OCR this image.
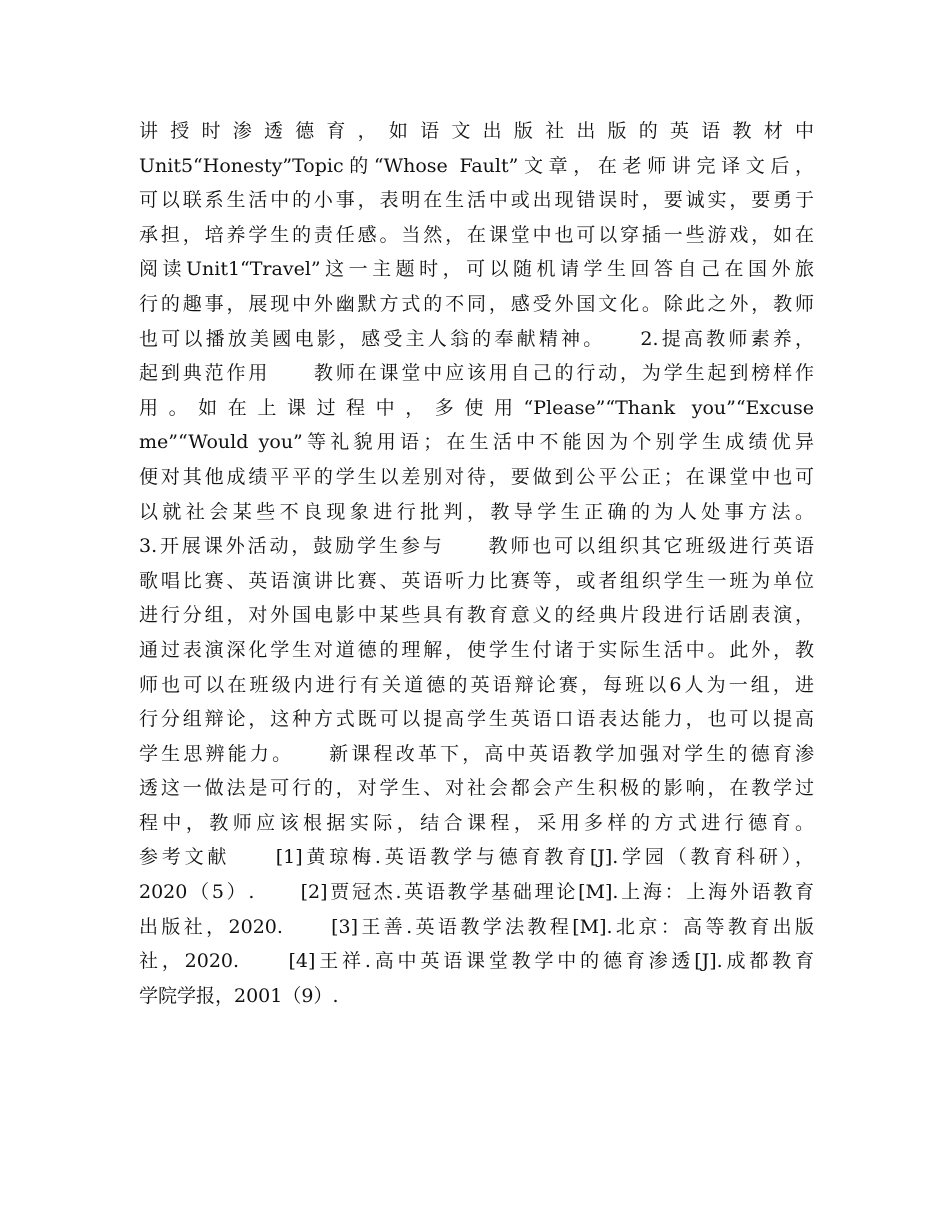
讲授时渗透德育，如语文出版社出版的英语教材中
Unit5“Honesty”Topic的“Whose Fault”文章，在老师讲完译文后，
可以联系生活中的小事，表明在生活中或出现错误时，要诚实，要勇于
承担，培养学生的责任感。当然，在课堂中也可以穿插一些游戏，如在
阅读Unit1“Travel”这一主题时，可以随机请学生回答自己在国外旅
行的趣事，展现中外幽默方式的不同，感受外国文化。除此之外，教师
也可以播放美國电影，感受主人翁的奉献精神。　　2.提高教师素养，
起到典范作用　　教师在课堂中应该用自己的行动，为学生起到榜样作
用。如在上课过程中，多使用“Please”“Thank you”“Excuse
me”“Would you”等礼貌用语；在生活中不能因为个别学生成绩优异
便对其他成绩平平的学生以差别对待，要做到公平公正；在课堂中也可
以就社会某些不良现象进行批判，教导学生正确的为人处事方法。
3.开展课外活动，鼓励学生参与　　教师也可以组织其它班级进行英语
歌唱比赛、英语演讲比赛、英语听力比赛等，或者组织学生一班为单位
进行分组，对外国电影中某些具有教育意义的经典片段进行话剧表演，
通过表演深化学生对道德的理解，使学生付诸于实际生活中。此外，教
师也可以在班级内进行有关道德的英语辩论赛，每班以6人为一组，进
行分组辩论，这种方式既可以提高学生英语口语表达能力，也可以提高
学生思辨能力。　　新课程改革下，高中英语教学加强对学生的德育渗
透这一做法是可行的，对学生、对社会都会产生积极的影响，在教学过
程中，教师应该根据实际，结合课程，采用多样的方式进行德育。
参考文献　　[1]黄琼梅.英语教学与德育教育[J].学园（教育科研），
2020（5）.　　[2]贾冠杰.英语教学基础理论[M].上海：上海外语教育
出版社，2020.　　[3]王善.英语教学法教程[M].北京：高等教育出版
社，2020.　　[4]王祥.高中英语课堂教学中的德育渗透[J].成都教育
学院学报，2001（9）.
